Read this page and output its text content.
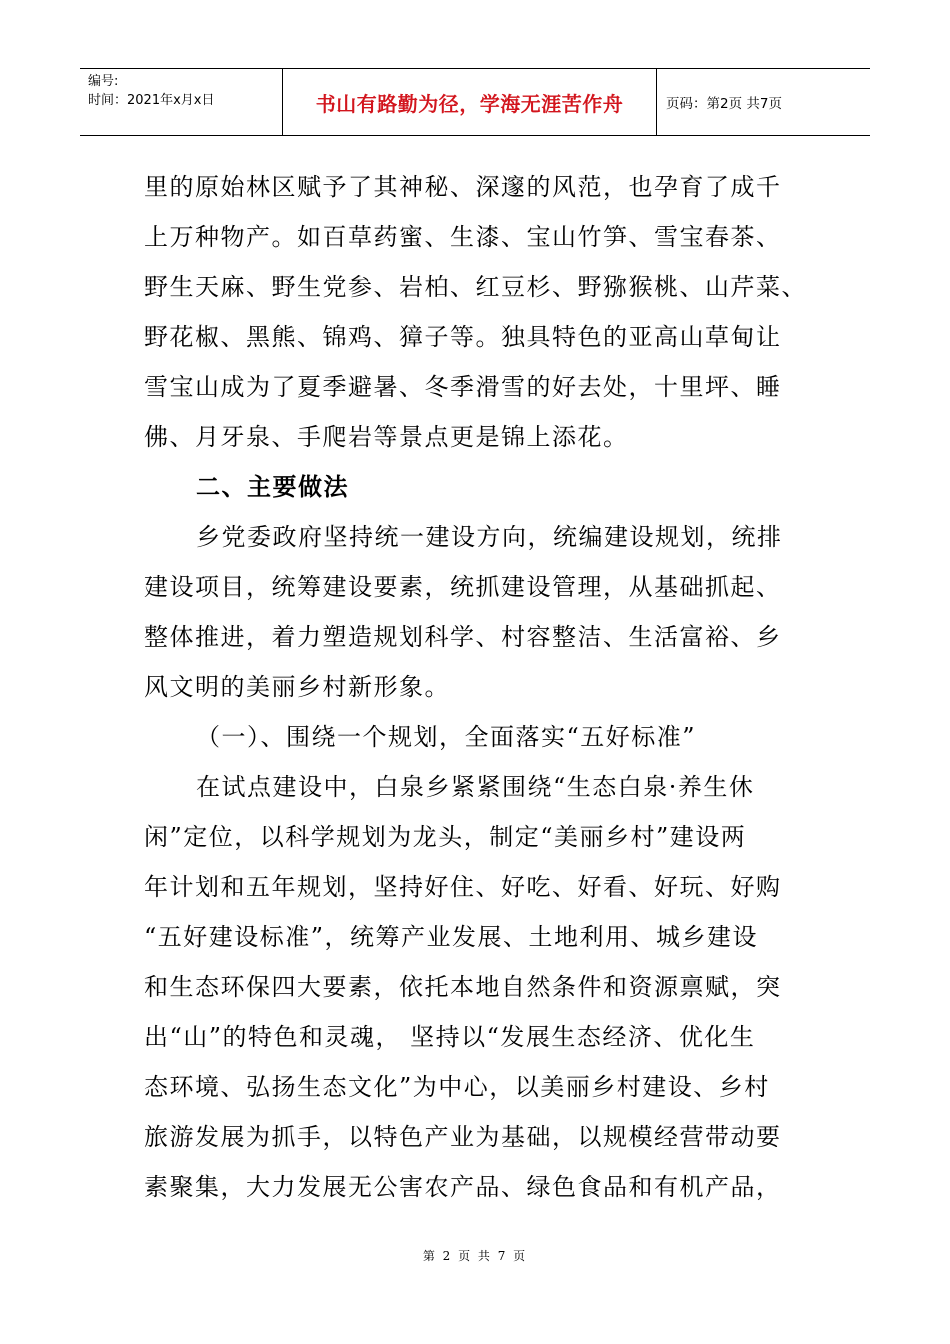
编号:
时间：2021年x月x日	书山有路勤为径，学海无涯苦作舟	页码：第2页 共7页
里的原始林区赋予了其神秘、深邃的风范，也孕育了成千
上万种物产。如百草药蜜、生漆、宝山竹笋、雪宝春茶、
野生天麻、野生党参、岩柏、红豆杉、野猕猴桃、山芹菜、
野花椒、黑熊、锦鸡、獐子等。独具特色的亚高山草甸让
雪宝山成为了夏季避暑、冬季滑雪的好去处，十里坪、睡
佛、月牙泉、手爬岩等景点更是锦上添花。
二、主要做法
乡党委政府坚持统一建设方向，统编建设规划，统排
建设项目，统筹建设要素，统抓建设管理，从基础抓起、
整体推进，着力塑造规划科学、村容整洁、生活富裕、乡
风文明的美丽乡村新形象。
（一）、围绕一个规划，全面落实“五好标准”
在试点建设中，白泉乡紧紧围绕“生态白泉·养生休
闲”定位，以科学规划为龙头，制定“美丽乡村”建设两
年计划和五年规划，坚持好住、好吃、好看、好玩、好购
“五好建设标准”，统筹产业发展、土地利用、城乡建设
和生态环保四大要素，依托本地自然条件和资源禀赋，突
出“山”的特色和灵魂， 坚持以“发展生态经济、优化生
态环境、弘扬生态文化”为中心，以美丽乡村建设、乡村
旅游发展为抓手，以特色产业为基础，以规模经营带动要
素聚集，大力发展无公害农产品、绿色食品和有机产品，
第 2 页 共 7 页
